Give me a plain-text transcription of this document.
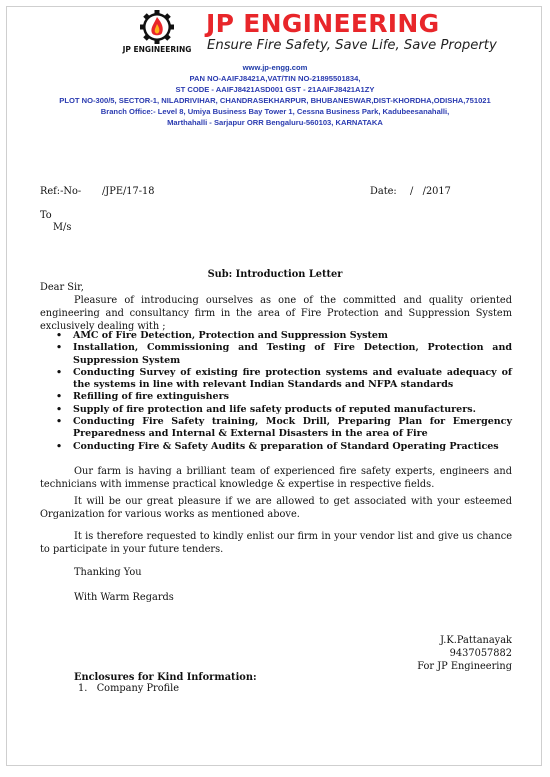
JP ENGINEERING
JP ENGINEERING
Ensure Fire Safety, Save Life, Save Property
www.jp-engg.com
PAN NO-AAIFJ8421A,VAT/TIN NO-21895501834,
ST CODE - AAIFJ8421ASD001 GST - 21AAIFJ8421A1ZY
PLOT NO-300/5, SECTOR-1, NILADRIVIHAR, CHANDRASEKHARPUR, BHUBANESWAR,DIST-KHORDHA,ODISHA,751021
Branch Office:- Level 8, Umiya Business Bay Tower 1, Cessna Business Park, Kadubeesanahalli,
Marthahalli - Sarjapur ORR Bengaluru-560103, KARNATAKA
Ref:-No- /JPE/17-18	Date: /   /2017
To
M/s
Sub: Introduction Letter
Dear Sir,
Pleasure of introducing ourselves as one of the committed and quality oriented engineering and consultancy firm in the area of Fire Protection and Suppression System exclusively dealing with ;
• AMC of Fire Detection, Protection and Suppression System
• Installation, Commissioning and Testing of Fire Detection, Protection and Suppression System
• Conducting Survey of existing fire protection systems and evaluate adequacy of the systems in line with relevant Indian Standards and NFPA standards
• Refilling of fire extinguishers
• Supply of fire protection and life safety products of reputed manufacturers.
• Conducting Fire Safety training, Mock Drill, Preparing Plan for Emergency Preparedness and Internal & External Disasters in the area of Fire
• Conducting Fire & Safety Audits & preparation of Standard Operating Practices
Our farm is having a brilliant team of experienced fire safety experts, engineers and technicians with immense practical knowledge & expertise in respective fields.
It will be our great pleasure if we are allowed to get associated with your esteemed Organization for various works as mentioned above.
It is therefore requested to kindly enlist our firm in your vendor list and give us chance to participate in your future tenders.
Thanking You
With Warm Regards
J.K.Pattanayak
9437057882
For JP Engineering
Enclosures for Kind Information:
1.   Company Profile
